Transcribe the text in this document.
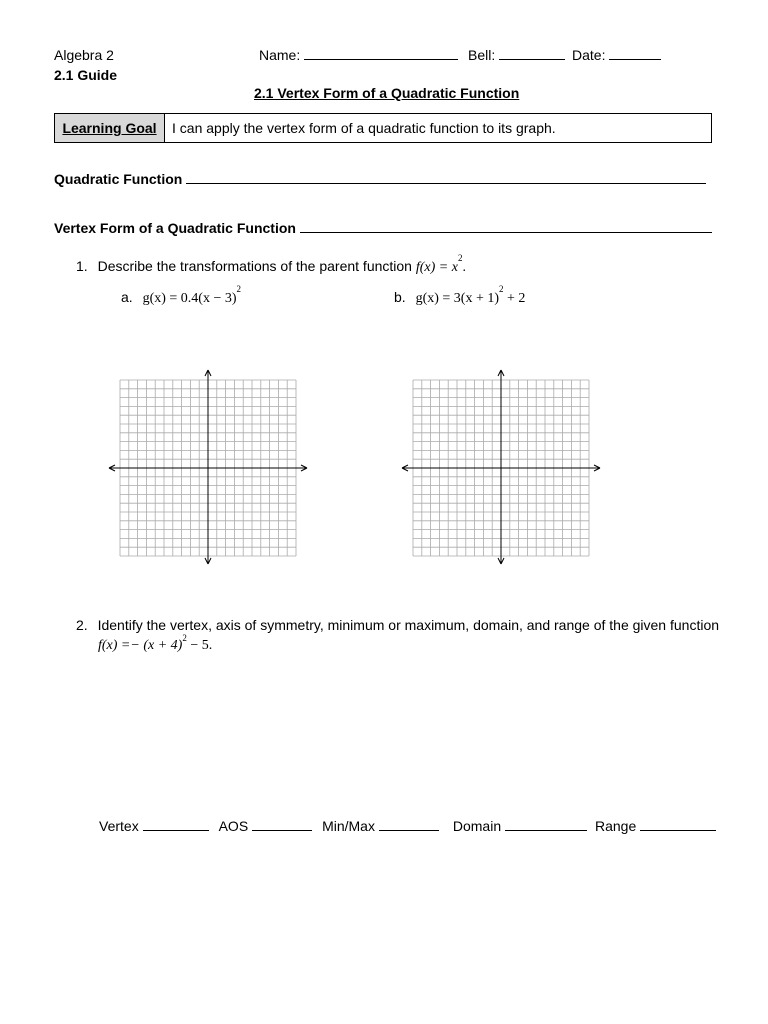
Algebra 2
2.1 Guide
Name:	Bell:	Date:
2.1 Vertex Form of a Quadratic Function
Learning Goal	I can apply the vertex form of a quadratic function to its graph.
Quadratic Function
Vertex Form of a Quadratic Function
1. Describe the transformations of the parent function $f(x) = x^2$.
a. $g(x) = 0.4(x - 3)^2$	b. $g(x) = 3(x + 1)^2 + 2$
2. Identify the vertex, axis of symmetry, minimum or maximum, domain, and range of the given function
$f(x) =- (x + 4)^2 - 5$.
Vertex	AOS	Min/Max	Domain	Range
